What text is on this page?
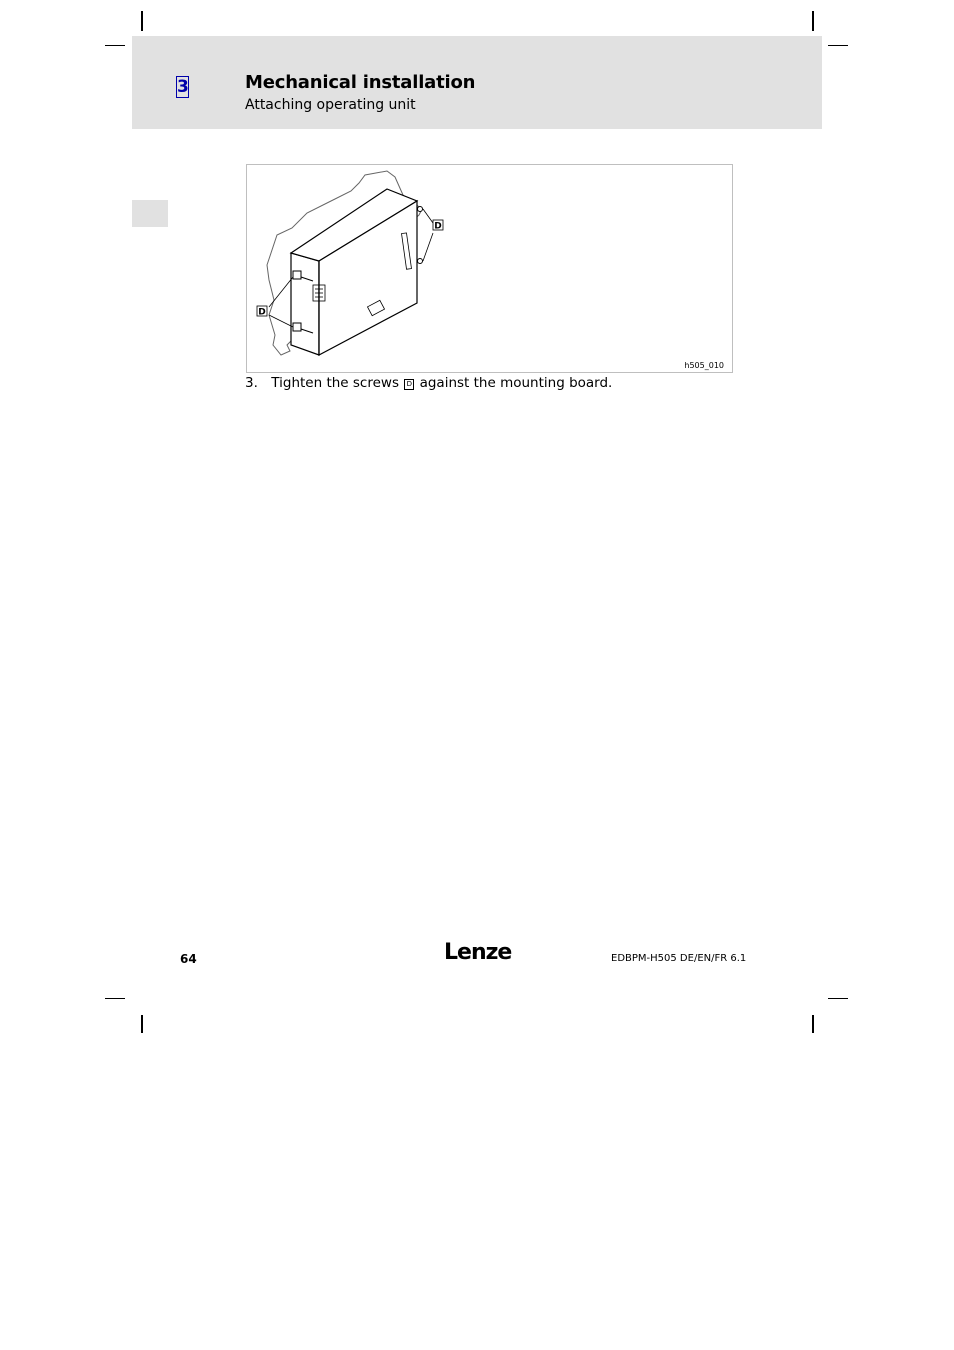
3	Mechanical installation
Attaching operating unit
D
D
h505_010
3. Tighten the screws D against the mounting board.
64	Lenze	EDBPM-H505 DE/EN/FR 6.1
